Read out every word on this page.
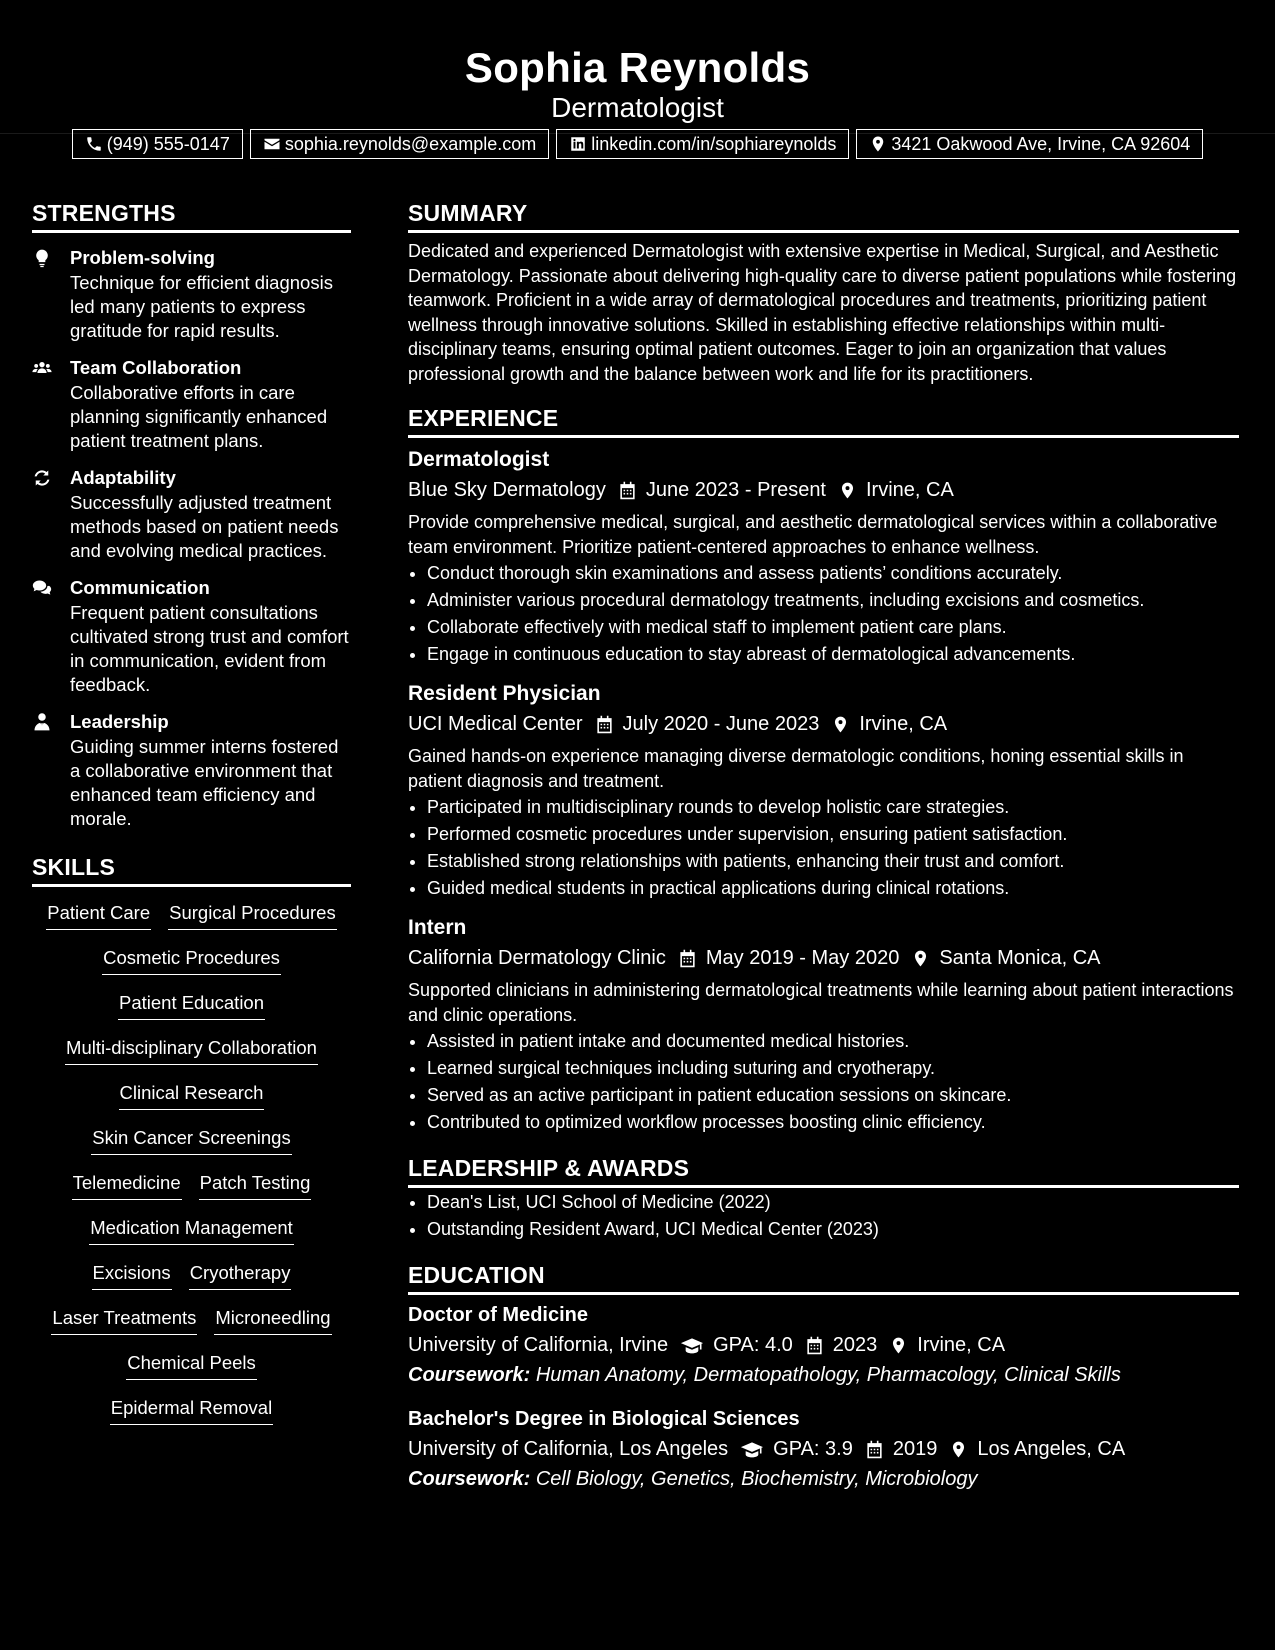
Sophia Reynolds
Dermatologist
(949) 555-0147	sophia.reynolds@example.com	linkedin.com/in/sophiareynolds	3421 Oakwood Ave, Irvine, CA 92604
STRENGTHS
Problem-solving
Technique for efficient diagnosis led many patients to express gratitude for rapid results.
Team Collaboration
Collaborative efforts in care planning significantly enhanced patient treatment plans.
Adaptability
Successfully adjusted treatment methods based on patient needs and evolving medical practices.
Communication
Frequent patient consultations cultivated strong trust and comfort in communication, evident from feedback.
Leadership
Guiding summer interns fostered a collaborative environment that enhanced team efficiency and morale.
SKILLS
Patient Care Surgical Procedures
Cosmetic Procedures
Patient Education
Multi-disciplinary Collaboration
Clinical Research
Skin Cancer Screenings
Telemedicine Patch Testing
Medication Management
Excisions Cryotherapy
Laser Treatments Microneedling
Chemical Peels
Epidermal Removal
SUMMARY
Dedicated and experienced Dermatologist with extensive expertise in Medical, Surgical, and Aesthetic Dermatology. Passionate about delivering high-quality care to diverse patient populations while fostering teamwork. Proficient in a wide array of dermatological procedures and treatments, prioritizing patient wellness through innovative solutions. Skilled in establishing effective relationships within multi-disciplinary teams, ensuring optimal patient outcomes. Eager to join an organization that values professional growth and the balance between work and life for its practitioners.
EXPERIENCE
Dermatologist
Blue Sky Dermatology June 2023 - Present Irvine, CA
Provide comprehensive medical, surgical, and aesthetic dermatological services within a collaborative team environment. Prioritize patient-centered approaches to enhance wellness.
• Conduct thorough skin examinations and assess patients’ conditions accurately.
• Administer various procedural dermatology treatments, including excisions and cosmetics.
• Collaborate effectively with medical staff to implement patient care plans.
• Engage in continuous education to stay abreast of dermatological advancements.
Resident Physician
UCI Medical Center July 2020 - June 2023 Irvine, CA
Gained hands-on experience managing diverse dermatologic conditions, honing essential skills in patient diagnosis and treatment.
• Participated in multidisciplinary rounds to develop holistic care strategies.
• Performed cosmetic procedures under supervision, ensuring patient satisfaction.
• Established strong relationships with patients, enhancing their trust and comfort.
• Guided medical students in practical applications during clinical rotations.
Intern
California Dermatology Clinic May 2019 - May 2020 Santa Monica, CA
Supported clinicians in administering dermatological treatments while learning about patient interactions and clinic operations.
• Assisted in patient intake and documented medical histories.
• Learned surgical techniques including suturing and cryotherapy.
• Served as an active participant in patient education sessions on skincare.
• Contributed to optimized workflow processes boosting clinic efficiency.
LEADERSHIP & AWARDS
• Dean's List, UCI School of Medicine (2022)
• Outstanding Resident Award, UCI Medical Center (2023)
EDUCATION
Doctor of Medicine
University of California, Irvine GPA: 4.0 2023 Irvine, CA
Coursework: Human Anatomy, Dermatopathology, Pharmacology, Clinical Skills
Bachelor's Degree in Biological Sciences
University of California, Los Angeles GPA: 3.9 2019 Los Angeles, CA
Coursework: Cell Biology, Genetics, Biochemistry, Microbiology
